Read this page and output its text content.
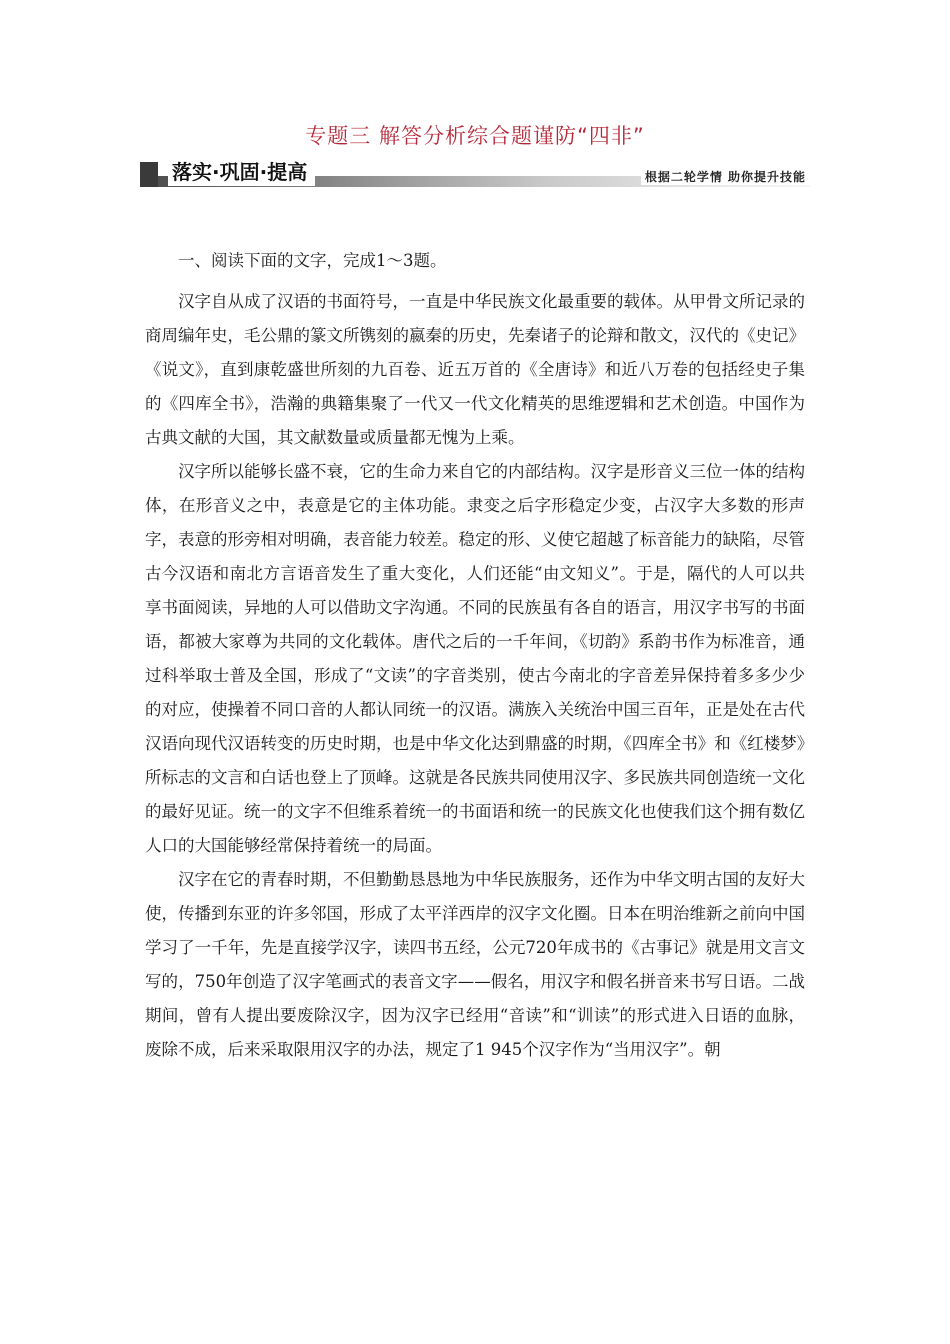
专题三 解答分析综合题谨防“四非”
落实·巩固·提高	根据二轮学情 助你提升技能

一、阅读下面的文字，完成1～3题。

汉字自从成了汉语的书面符号，一直是中华民族文化最重要的载体。从甲骨文所记录的商周编年史，毛公鼎的篆文所镌刻的嬴秦的历史，先秦诸子的论辩和散文，汉代的《史记》《说文》，直到康乾盛世所刻的九百卷、近五万首的《全唐诗》和近八万卷的包括经史子集的《四库全书》，浩瀚的典籍集聚了一代又一代文化精英的思维逻辑和艺术创造。中国作为古典文献的大国，其文献数量或质量都无愧为上乘。

汉字所以能够长盛不衰，它的生命力来自它的内部结构。汉字是形音义三位一体的结构体，在形音义之中，表意是它的主体功能。隶变之后字形稳定少变，占汉字大多数的形声字，表意的形旁相对明确，表音能力较差。稳定的形、义使它超越了标音能力的缺陷，尽管古今汉语和南北方言语音发生了重大变化，人们还能“由文知义”。于是，隔代的人可以共享书面阅读，异地的人可以借助文字沟通。不同的民族虽有各自的语言，用汉字书写的书面语，都被大家尊为共同的文化载体。唐代之后的一千年间，《切韵》系韵书作为标准音，通过科举取士普及全国，形成了“文读”的字音类别，使古今南北的字音差异保持着多多少少的对应，使操着不同口音的人都认同统一的汉语。满族入关统治中国三百年，正是处在古代汉语向现代汉语转变的历史时期，也是中华文化达到鼎盛的时期，《四库全书》和《红楼梦》所标志的文言和白话也登上了顶峰。这就是各民族共同使用汉字、多民族共同创造统一文化的最好见证。统一的文字不但维系着统一的书面语和统一的民族文化也使我们这个拥有数亿人口的大国能够经常保持着统一的局面。

汉字在它的青春时期，不但勤勤恳恳地为中华民族服务，还作为中华文明古国的友好大使，传播到东亚的许多邻国，形成了太平洋西岸的汉字文化圈。日本在明治维新之前向中国学习了一千年，先是直接学汉字，读四书五经，公元720年成书的《古事记》就是用文言文写的，750年创造了汉字笔画式的表音文字——假名，用汉字和假名拼音来书写日语。二战期间，曾有人提出要废除汉字，因为汉字已经用“音读”和“训读”的形式进入日语的血脉，废除不成，后来采取限用汉字的办法，规定了1 945个汉字作为“当用汉字”。朝
